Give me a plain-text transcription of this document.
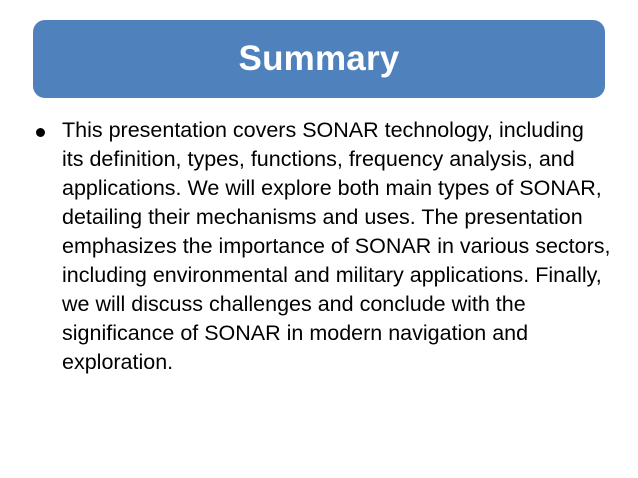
Summary

This presentation covers SONAR technology, including its definition, types, functions, frequency analysis, and applications. We will explore both main types of SONAR, detailing their mechanisms and uses. The presentation emphasizes the importance of SONAR in various sectors, including environmental and military applications. Finally, we will discuss challenges and conclude with the significance of SONAR in modern navigation and exploration.
